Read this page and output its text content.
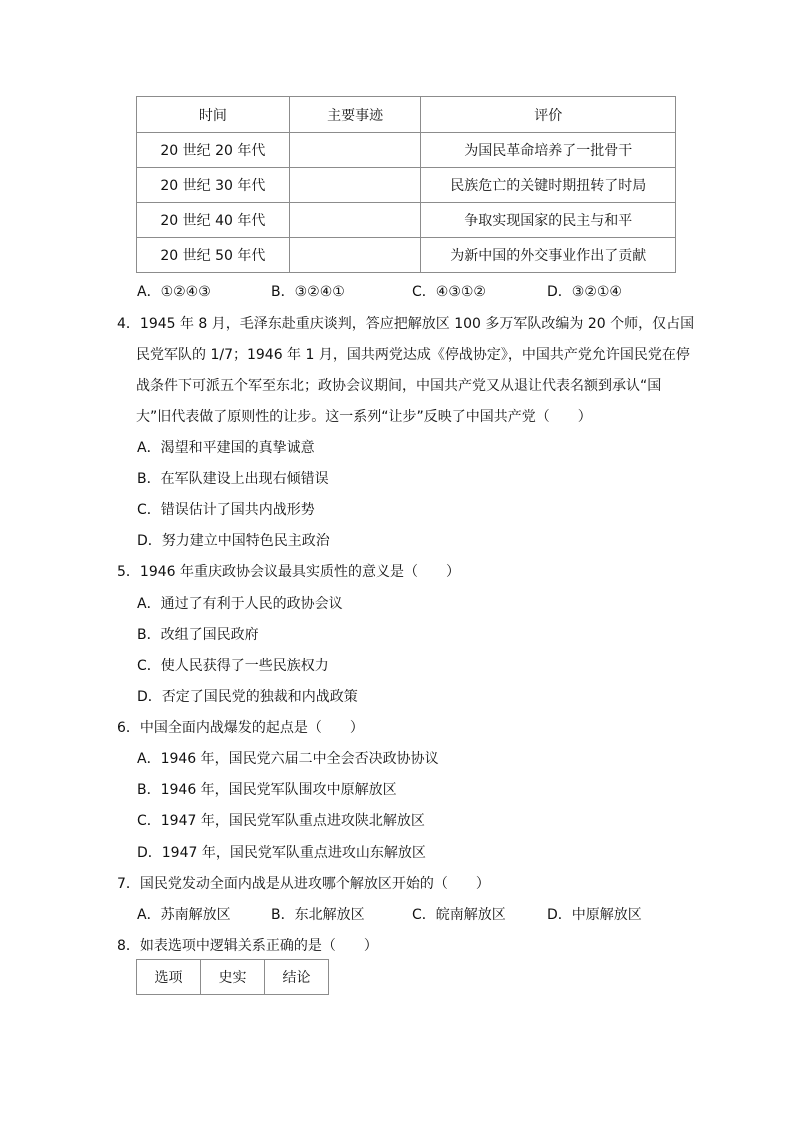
时间	主要事迹	评价
20 世纪 20 年代		为国民革命培养了一批骨干
20 世纪 30 年代		民族危亡的关键时期扭转了时局
20 世纪 40 年代		争取实现国家的民主与和平
20 世纪 50 年代		为新中国的外交事业作出了贡献
A．①②④③	B．③②④①	C．④③①②	D．③②①④
4．1945 年 8 月，毛泽东赴重庆谈判，答应把解放区 100 多万军队改编为 20 个师，仅占国
民党军队的 1/7；1946 年 1 月，国共两党达成《停战协定》，中国共产党允许国民党在停
战条件下可派五个军至东北；政协会议期间，中国共产党又从退让代表名额到承认“国
大”旧代表做了原则性的让步。这一系列“让步”反映了中国共产党（　　）
A．渴望和平建国的真挚诚意
B．在军队建设上出现右倾错误
C．错误估计了国共内战形势
D．努力建立中国特色民主政治
5．1946 年重庆政协会议最具实质性的意义是（　　）
A．通过了有利于人民的政协会议
B．改组了国民政府
C．使人民获得了一些民族权力
D．否定了国民党的独裁和内战政策
6．中国全面内战爆发的起点是（　　）
A．1946 年，国民党六届二中全会否决政协协议
B．1946 年，国民党军队围攻中原解放区
C．1947 年，国民党军队重点进攻陕北解放区
D．1947 年，国民党军队重点进攻山东解放区
7．国民党发动全面内战是从进攻哪个解放区开始的（　　）
A．苏南解放区	B．东北解放区	C．皖南解放区	D．中原解放区
8．如表选项中逻辑关系正确的是（　　）
选项	史实	结论
